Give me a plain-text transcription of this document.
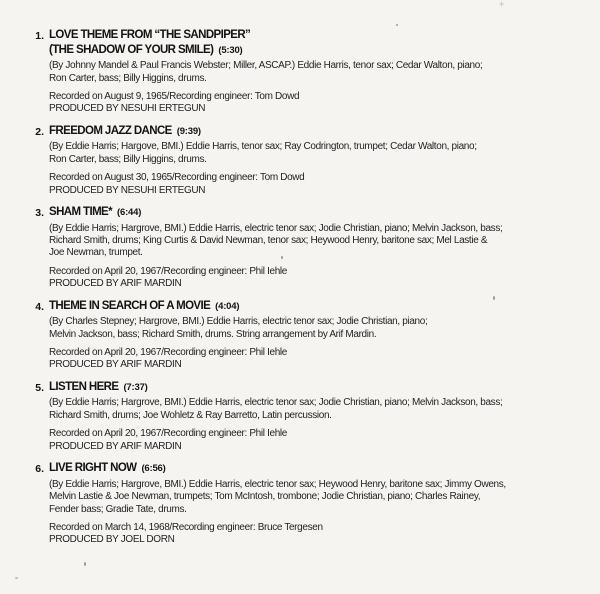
1. LOVE THEME FROM “THE SANDPIPER”
(THE SHADOW OF YOUR SMILE) (5:30)
(By Johnny Mandel & Paul Francis Webster; Miller, ASCAP.) Eddie Harris, tenor sax; Cedar Walton, piano;
Ron Carter, bass; Billy Higgins, drums.
Recorded on August 9, 1965/Recording engineer: Tom Dowd
PRODUCED BY NESUHI ERTEGUN
2. FREEDOM JAZZ DANCE (9:39)
(By Eddie Harris; Hargove, BMI.) Eddie Harris, tenor sax; Ray Codrington, trumpet; Cedar Walton, piano;
Ron Carter, bass; Billy Higgins, drums.
Recorded on August 30, 1965/Recording engineer: Tom Dowd
PRODUCED BY NESUHI ERTEGUN
3. SHAM TIME* (6:44)
(By Eddie Harris; Hargrove, BMI.) Eddie Harris, electric tenor sax; Jodie Christian, piano; Melvin Jackson, bass;
Richard Smith, drums; King Curtis & David Newman, tenor sax; Heywood Henry, baritone sax; Mel Lastie &
Joe Newman, trumpet.
Recorded on April 20, 1967/Recording engineer: Phil Iehle
PRODUCED BY ARIF MARDIN
4. THEME IN SEARCH OF A MOVIE (4:04)
(By Charles Stepney; Hargrove, BMI.) Eddie Harris, electric tenor sax; Jodie Christian, piano;
Melvin Jackson, bass; Richard Smith, drums. String arrangement by Arif Mardin.
Recorded on April 20, 1967/Recording engineer: Phil Iehle
PRODUCED BY ARIF MARDIN
5. LISTEN HERE (7:37)
(By Eddie Harris; Hargrove, BMI.) Eddie Harris, electric tenor sax; Jodie Christian, piano; Melvin Jackson, bass;
Richard Smith, drums; Joe Wohletz & Ray Barretto, Latin percussion.
Recorded on April 20, 1967/Recording engineer: Phil Iehle
PRODUCED BY ARIF MARDIN
6. LIVE RIGHT NOW (6:56)
(By Eddie Harris; Hargrove, BMI.) Eddie Harris, electric tenor sax; Heywood Henry, baritone sax; Jimmy Owens,
Melvin Lastie & Joe Newman, trumpets; Tom McIntosh, trombone; Jodie Christian, piano; Charles Rainey,
Fender bass; Gradie Tate, drums.
Recorded on March 14, 1968/Recording engineer: Bruce Tergesen
PRODUCED BY JOEL DORN
+
